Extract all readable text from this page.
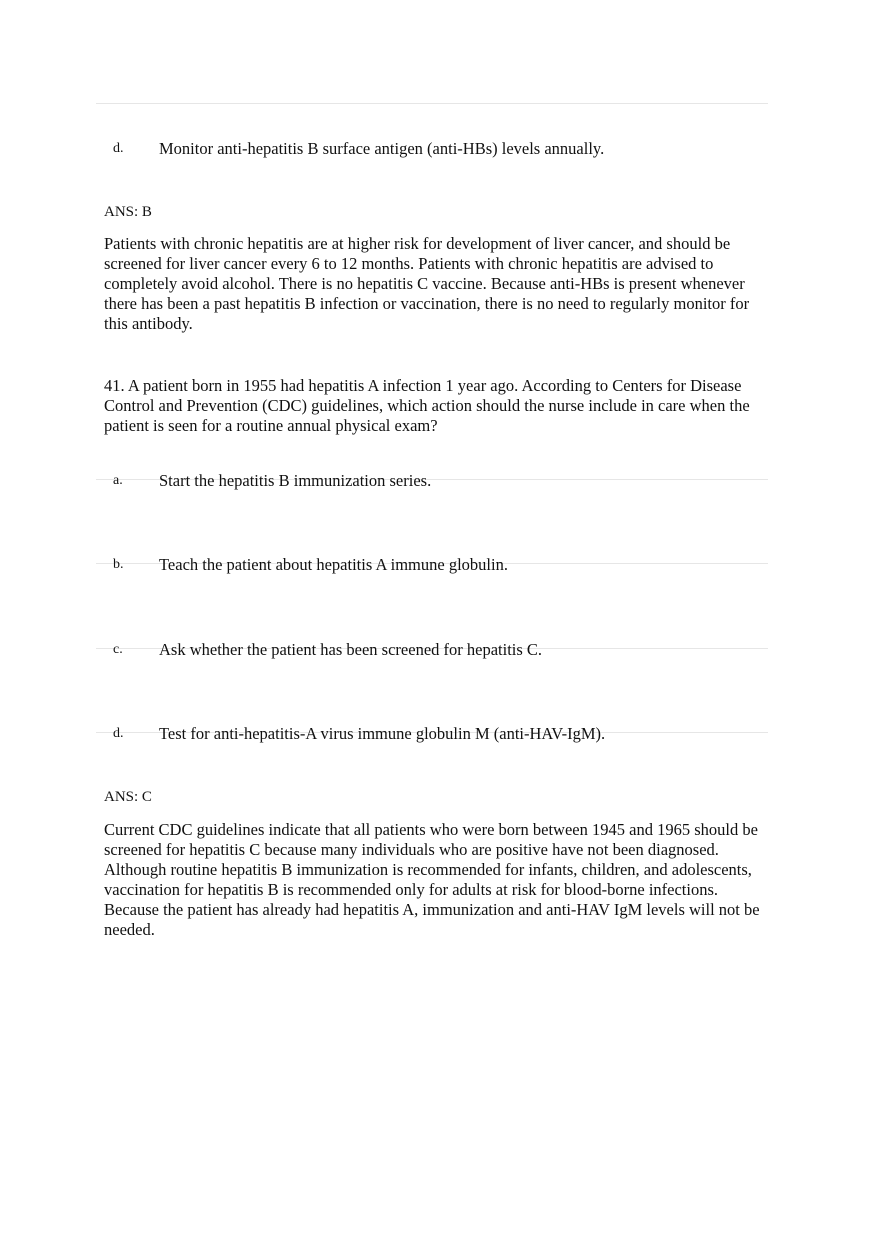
d. Monitor anti-hepatitis B surface antigen (anti-HBs) levels annually.
ANS: B
Patients with chronic hepatitis are at higher risk for development of liver cancer, and should be screened for liver cancer every 6 to 12 months. Patients with chronic hepatitis are advised to completely avoid alcohol. There is no hepatitis C vaccine. Because anti-HBs is present whenever there has been a past hepatitis B infection or vaccination, there is no need to regularly monitor for this antibody.
41. A patient born in 1955 had hepatitis A infection 1 year ago. According to Centers for Disease Control and Prevention (CDC) guidelines, which action should the nurse include in care when the patient is seen for a routine annual physical exam?
a. Start the hepatitis B immunization series.
b. Teach the patient about hepatitis A immune globulin.
c. Ask whether the patient has been screened for hepatitis C.
d. Test for anti-hepatitis-A virus immune globulin M (anti-HAV-IgM).
ANS: C
Current CDC guidelines indicate that all patients who were born between 1945 and 1965 should be screened for hepatitis C because many individuals who are positive have not been diagnosed. Although routine hepatitis B immunization is recommended for infants, children, and adolescents, vaccination for hepatitis B is recommended only for adults at risk for blood-borne infections. Because the patient has already had hepatitis A, immunization and anti-HAV IgM levels will not be needed.
